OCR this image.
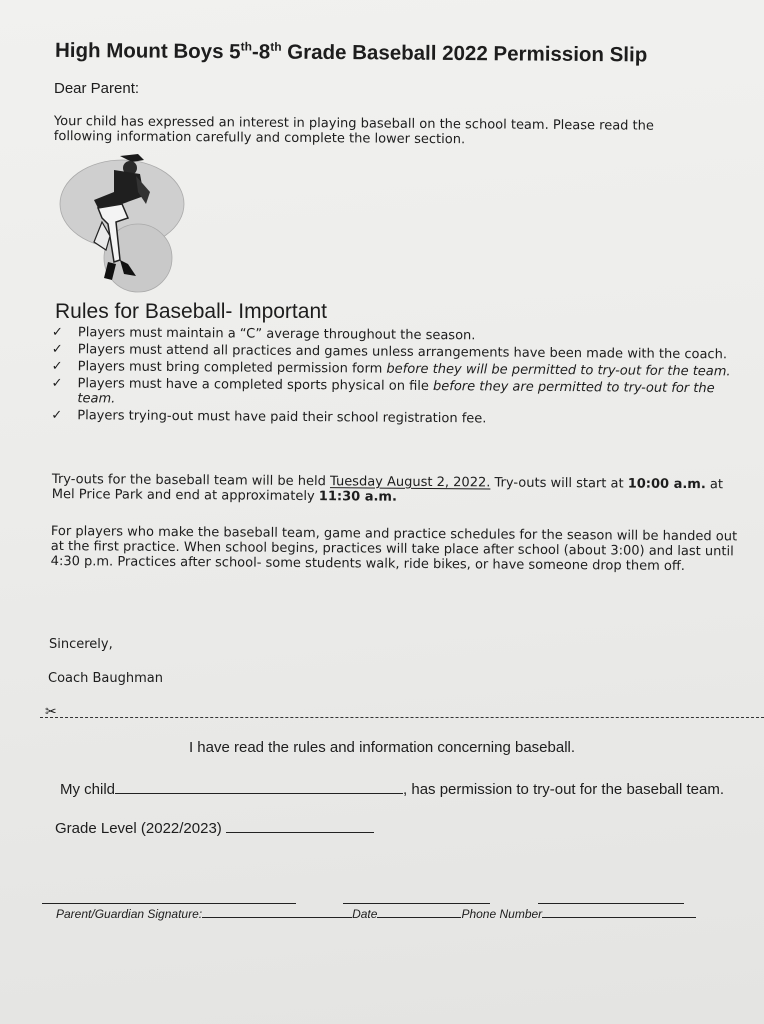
High Mount Boys 5th-8th Grade Baseball 2022 Permission Slip
Dear Parent:
Your child has expressed an interest in playing baseball on the school team. Please read the following information carefully and complete the lower section.
Rules for Baseball- Important
✓ Players must maintain a “C” average throughout the season.
✓ Players must attend all practices and games unless arrangements have been made with the coach.
✓ Players must bring completed permission form before they will be permitted to try-out for the team.
✓ Players must have a completed sports physical on file before they are permitted to try-out for the team.
✓ Players trying-out must have paid their school registration fee.
Try-outs for the baseball team will be held Tuesday August 2, 2022. Try-outs will start at 10:00 a.m. at Mel Price Park and end at approximately 11:30 a.m.
For players who make the baseball team, game and practice schedules for the season will be handed out at the first practice. When school begins, practices will take place after school (about 3:00) and last until 4:30 p.m. Practices after school- some students walk, ride bikes, or have someone drop them off.
Sincerely,
Coach Baughman
✂
I have read the rules and information concerning baseball.
My child	, has permission to try-out for the baseball team.
Grade Level (2022/2023)
Parent/Guardian Signature:	Date	Phone Number
